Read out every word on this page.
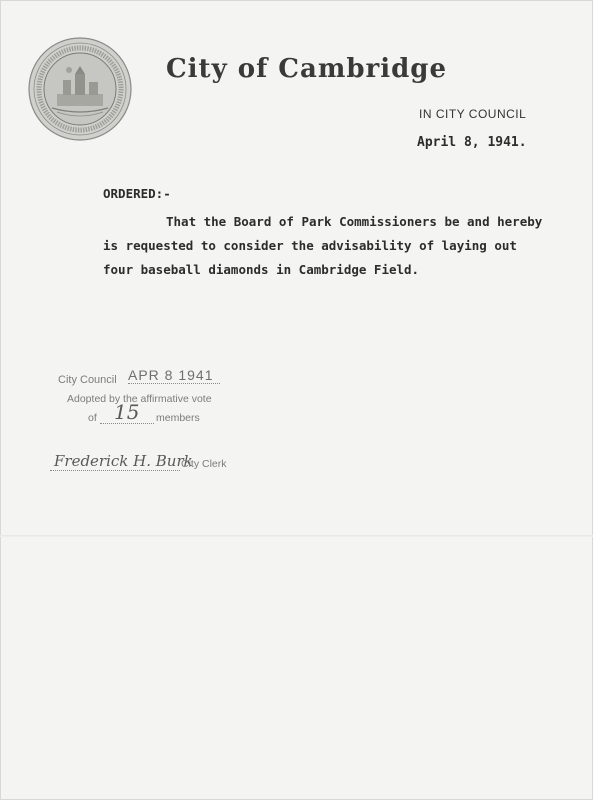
City of Cambridge
IN CITY COUNCIL
April 8, 1941.
ORDERED:-

That the Board of Park Commissioners be and hereby

is requested to consider the advisability of laying out

four baseball diamonds in Cambridge Field.

City Council APR 8 1941
Adopted by the affirmative vote
of 15 members
Frederick H. Burk
City Clerk
